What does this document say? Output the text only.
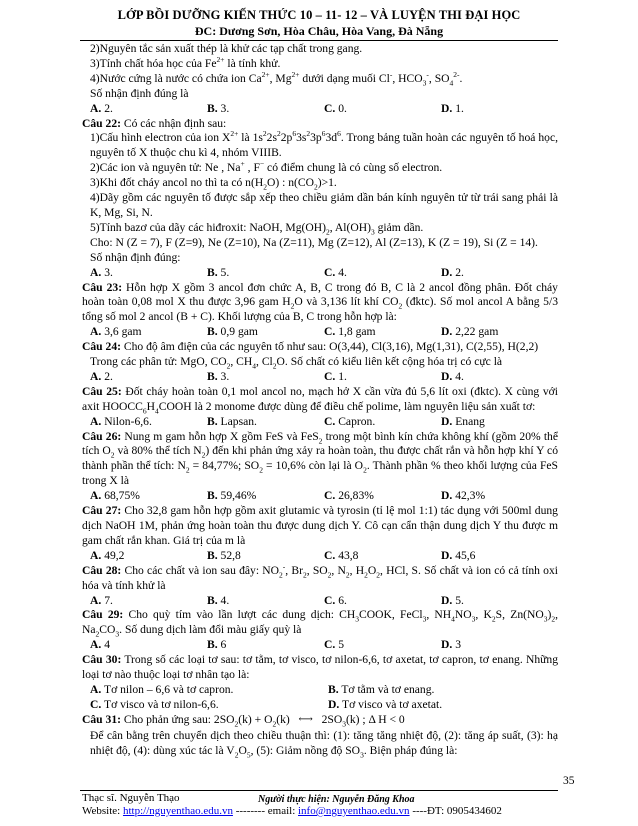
LỚP BỒI DƯỠNG KIẾN THỨC 10 – 11- 12 – VÀ LUYỆN THI ĐẠI HỌC
ĐC: Dương Sơn, Hòa Châu, Hòa Vang, Đà Nẵng

2)Nguyên tắc sản xuất thép là khử các tạp chất trong gang.

3)Tính chất hóa học của $Fe^{2+}$ là tính khử.

4)Nước cứng là nước có chứa ion $Ca^{2+}$, $Mg^{2+}$ dưới dạng muối Cl-, $HCO_3^-$, $SO_4^{2-}$.

Số nhận định đúng là

A. 2.	B. 3.	C. 0.	D. 1.

Câu 22: Có các nhận định sau:

1)Cấu hình electron của ion $X^{2+}$ là $1s^22s^22p^63s^23p^63d^6$. Trong bảng tuần hoàn các nguyên tố hoá học, nguyên tố X thuộc chu kì 4, nhóm VIIIB.

2)Các ion và nguyên tử: Ne , Na+ , F− có điểm chung là có cùng số electron.

3)Khi đốt cháy ancol no thì ta có $n(H_2O)$ : $n(CO_2)>1$.

4)Dãy gồm các nguyên tố được sắp xếp theo chiều giảm dần bán kính nguyên tử từ trái sang phải là K, Mg, Si, N.

5)Tính bazơ của dãy các hiđroxit: NaOH, $Mg(OH)_2$, $Al(OH)_3$ giảm dần.

Cho: N (Z = 7), F (Z=9), Ne (Z=10), Na (Z=11), Mg (Z=12), Al (Z=13), K (Z = 19), Si (Z = 14).

Số nhận định đúng:

A. 3.	B. 5.	C. 4.	D. 2.

Câu 23: Hỗn hợp X gồm 3 ancol đơn chức A, B, C trong đó B, C là 2 ancol đồng phân. Đốt cháy hoàn toàn 0,08 mol X thu được 3,96 gam $H_2O$ và 3,136 lít khí $CO_2$ (đktc). Số mol ancol A bằng 5/3 tổng số mol 2 ancol (B + C). Khối lượng của B, C trong hỗn hợp là:

A. 3,6 gam	B. 0,9 gam	C. 1,8 gam	D. 2,22 gam

Câu 24: Cho độ âm điện của các nguyên tố như sau: O(3,44), Cl(3,16), Mg(1,31), C(2,55), H(2,2)

Trong các phân tử: MgO, $CO_2$, $CH_4$, $Cl_2O$. Số chất có kiểu liên kết cộng hóa trị có cực là

A. 2.	B. 3.	C. 1.	D. 4.

Câu 25: Đốt cháy hoàn toàn 0,1 mol ancol no, mạch hở X cần vừa đủ 5,6 lít oxi (đktc). X cùng với axit $HOOCC_6H_4COOH$ là 2 monome được dùng để điều chế polime, làm nguyên liệu sản xuất tơ:

A. Nilon-6,6.	B. Lapsan.	C. Capron.	D. Enang

Câu 26: Nung m gam hỗn hợp X gồm FeS và FeS$_2$ trong một bình kín chứa không khí (gồm 20% thể tích $O_2$ và 80% thể tích $N_2$) đến khi phản ứng xảy ra hoàn toàn, thu được chất rắn và hỗn hợp khí Y có thành phần thể tích: $N_2 = 84,77\%$; $SO_2 = 10,6\%$ còn lại là $O_2$. Thành phần % theo khối lượng của FeS trong X là

A. 68,75%	B. 59,46%	C. 26,83%	D. 42,3%

Câu 27: Cho 32,8 gam hỗn hợp gồm axit glutamic và tyrosin (tỉ lệ mol 1:1) tác dụng với 500ml dung dịch NaOH 1M, phản ứng hoàn toàn thu được dung dịch Y. Cô cạn cẩn thận dung dịch Y thu được m gam chất rắn khan. Giá trị của m là

A. 49,2	B. 52,8	C. 43,8	D. 45,6

Câu 28: Cho các chất và ion sau đây: $NO_2^-$, $Br_2$, $SO_2$, $N_2$, $H_2O_2$, HCl, S. Số chất và ion có cả tính oxi hóa và tính khử là

A. 7.	B. 4.	C. 6.	D. 5.

Câu 29: Cho quỳ tím vào lần lượt các dung dịch: $CH_3COOK$, FeCl$_3$, $NH_4NO_3$, $K_2S$, $Zn(NO_3)_2$, $Na_2CO_3$. Số dung dịch làm đổi màu giấy quỳ là

A. 4	B. 6	C. 5	D. 3

Câu 30: Trong số các loại tơ sau: tơ tằm, tơ visco, tơ nilon-6,6, tơ axetat, tơ capron, tơ enang. Những loại tơ nào thuộc loại tơ nhân tạo là:

A. Tơ nilon – 6,6 và tơ capron.	B. Tơ tằm và tơ enang.
C. Tơ visco và tơ nilon-6,6.	D. Tơ visco và tơ axetat.

Câu 31: Cho phản ứng sau: $2SO_2(k) + O_2(k)$ ⟷ $2SO_3(k)$ ; Δ H < 0

Để cân bằng trên chuyển dịch theo chiều thuận thì: (1): tăng tăng nhiệt độ, (2): tăng áp suất, (3): hạ nhiệt độ, (4): dùng xúc tác là $V_2O_5$, (5): Giảm nồng độ $SO_3$. Biện pháp đúng là:

35
Thạc sĩ. Nguyễn Thạo	Người thực hiện: Nguyễn Đăng Khoa
Website: http://nguyenthao.edu.vn -------- email: info@nguyenthao.edu.vn ----ĐT: 0905434602
